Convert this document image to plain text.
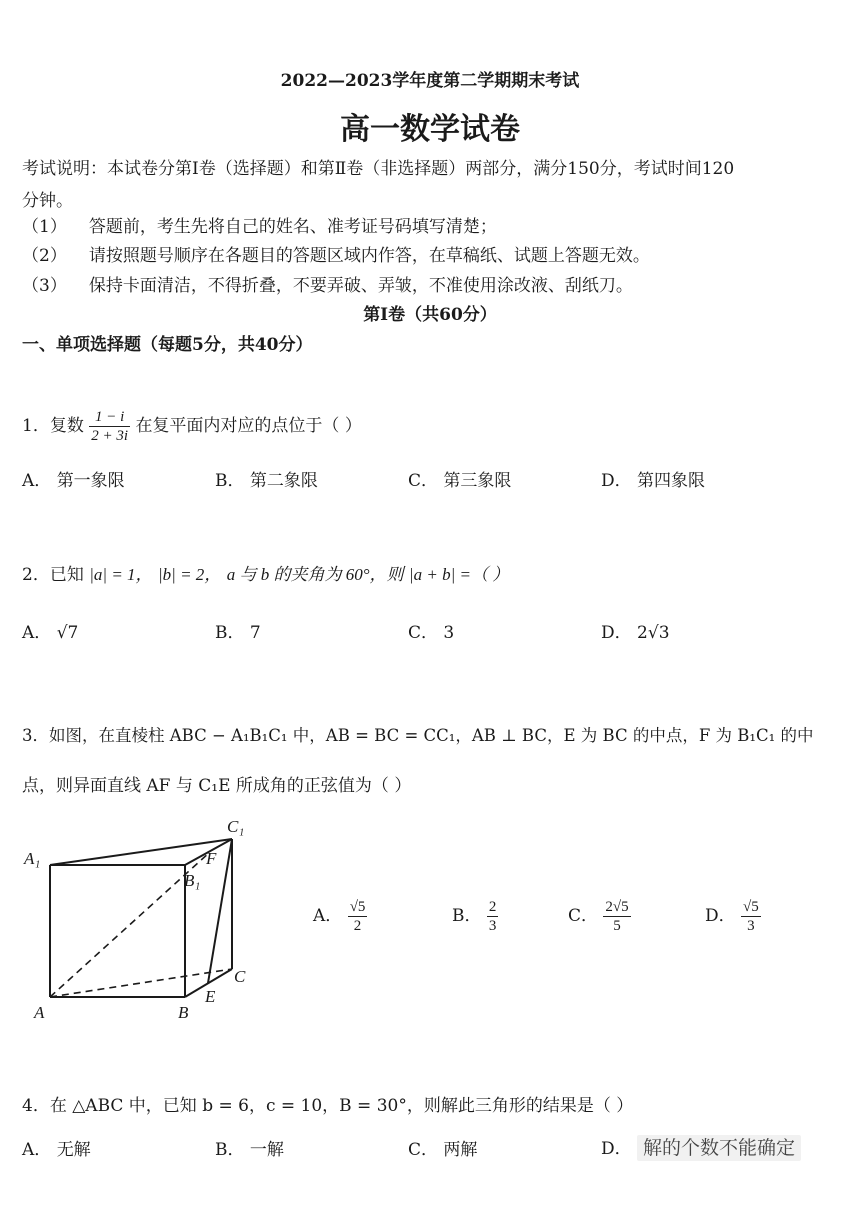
2022—2023学年度第二学期期末考试
高一数学试卷
考试说明：本试卷分第Ⅰ卷（选择题）和第Ⅱ卷（非选择题）两部分，满分150分，考试时间120
分钟。
（1） 答题前，考生先将自己的姓名、准考证号码填写清楚；
（2） 请按照题号顺序在各题目的答题区域内作答，在草稿纸、试题上答题无效。
（3） 保持卡面清洁，不得折叠，不要弄破、弄皱，不准使用涂改液、刮纸刀。
第Ⅰ卷（共60分）
一、单项选择题（每题5分，共40分）
1．复数 $\frac{1 - i}{2 + 3i}$ 在复平面内对应的点位于（ ）
A． 第一象限	B． 第二象限	C． 第三象限	D． 第四象限
2．已知 |a| = 1， |b| = 2， a 与 b 的夹角为 60°，则 |a + b| =（ ）
A． √7	B． 7	C． 3	D． 2√3
3．如图，在直棱柱 ABC − A₁B₁C₁ 中，AB = BC = CC₁，AB ⊥ BC，E 为 BC 的中点，F 为 B₁C₁ 的中
点，则异面直线 AF 与 C₁E 所成角的正弦值为（ ）
A₁
B₁
C₁
F
A	B
C
E
A． $\frac{√5}{2}$	B． $\frac{2}{3}$	C． $\frac{2√5}{5}$	D． $\frac{√5}{3}$
4．在 △ABC 中，已知 b = 6，c = 10，B = 30°，则解此三角形的结果是（ ）
A． 无解	B． 一解	C． 两解	D． 解的个数不能确定
